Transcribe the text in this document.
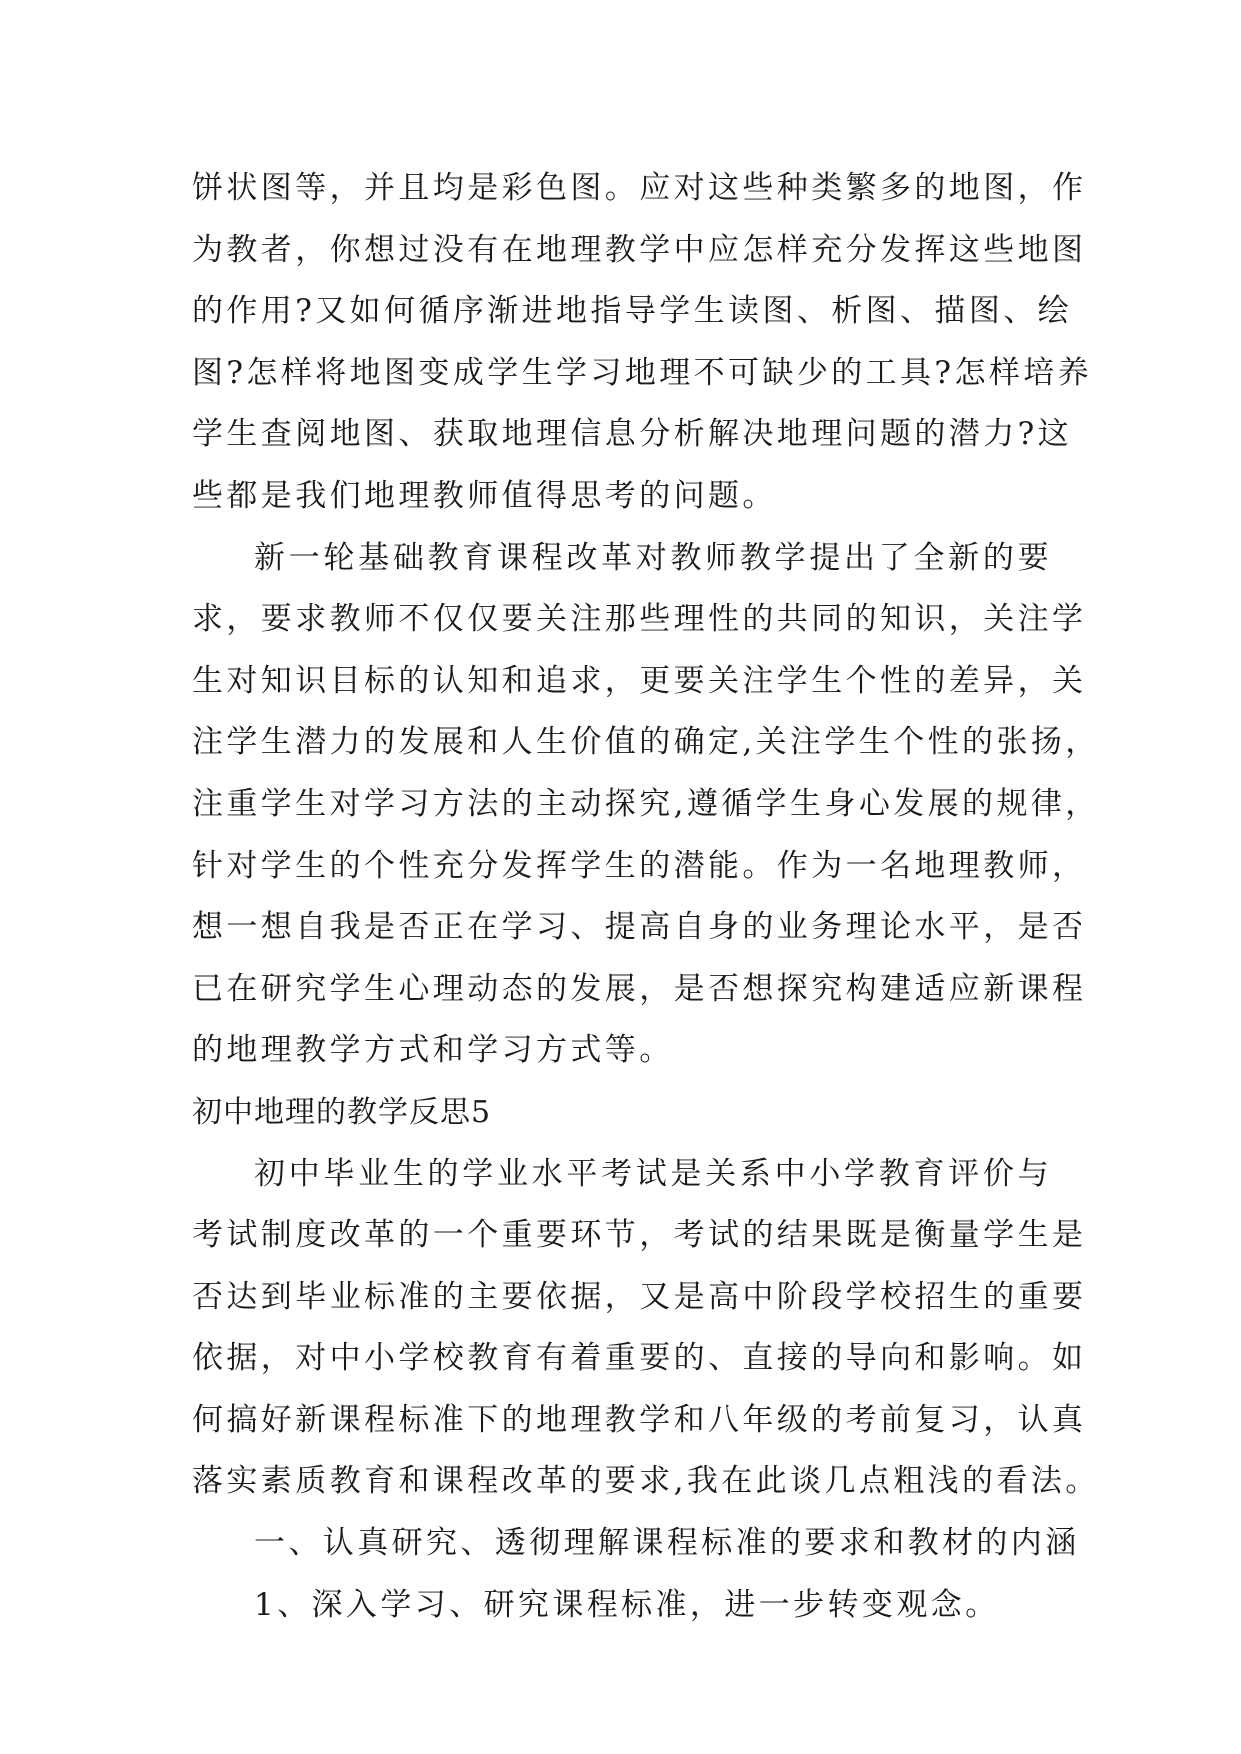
饼状图等，并且均是彩色图。应对这些种类繁多的地图，作
为教者，你想过没有在地理教学中应怎样充分发挥这些地图
的作用?又如何循序渐进地指导学生读图、析图、描图、绘
图?怎样将地图变成学生学习地理不可缺少的工具?怎样培养
学生查阅地图、获取地理信息分析解决地理问题的潜力?这
些都是我们地理教师值得思考的问题。
新一轮基础教育课程改革对教师教学提出了全新的要
求，要求教师不仅仅要关注那些理性的共同的知识，关注学
生对知识目标的认知和追求，更要关注学生个性的差异，关
注学生潜力的发展和人生价值的确定,关注学生个性的张扬，
注重学生对学习方法的主动探究,遵循学生身心发展的规律，
针对学生的个性充分发挥学生的潜能。作为一名地理教师，
想一想自我是否正在学习、提高自身的业务理论水平，是否
已在研究学生心理动态的发展，是否想探究构建适应新课程
的地理教学方式和学习方式等。
初中地理的教学反思5
初中毕业生的学业水平考试是关系中小学教育评价与
考试制度改革的一个重要环节，考试的结果既是衡量学生是
否达到毕业标准的主要依据，又是高中阶段学校招生的重要
依据，对中小学校教育有着重要的、直接的导向和影响。如
何搞好新课程标准下的地理教学和八年级的考前复习，认真
落实素质教育和课程改革的要求,我在此谈几点粗浅的看法。
一、认真研究、透彻理解课程标准的要求和教材的内涵
1、深入学习、研究课程标准，进一步转变观念。
